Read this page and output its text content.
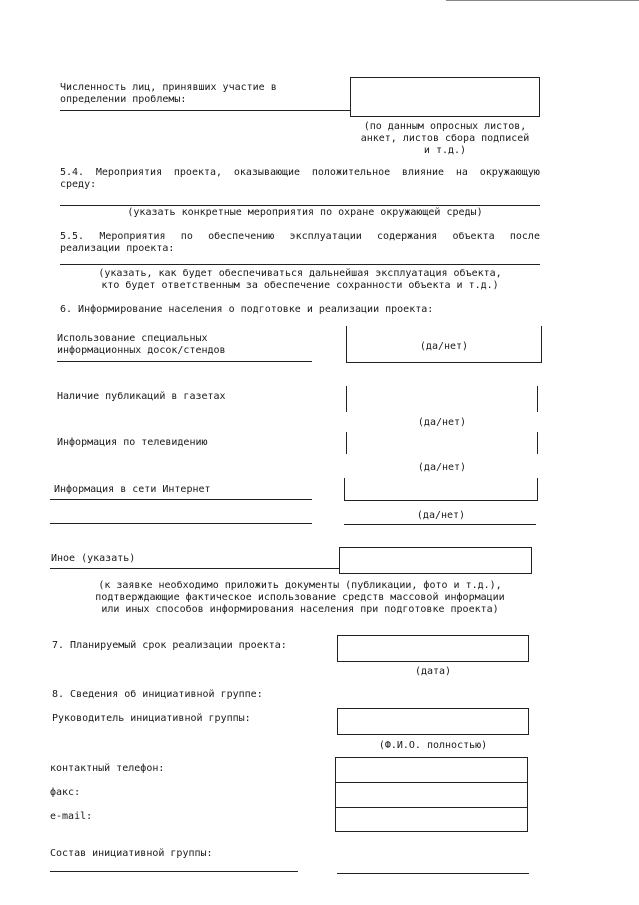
Численность лиц, принявших участие в
определении проблемы:
(по данным опросных листов,
анкет, листов сбора подписей
и т.д.)
5.4. Мероприятия проекта, оказывающие положительное влияние на окружающую
среду:
(указать конкретные мероприятия по охране окружающей среды)
5.5. Мероприятия по обеспечению эксплуатации содержания объекта после
реализации проекта:
(указать, как будет обеспечиваться дальнейшая эксплуатация объекта,
кто будет ответственным за обеспечение сохранности объекта и т.д.)
6. Информирование населения о подготовке и реализации проекта:
Использование специальных
информационных досок/стендов	(да/нет)
Наличие публикаций в газетах
(да/нет)
Информация по телевидению
(да/нет)
Информация в сети Интернет
(да/нет)
Иное (указать)
(к заявке необходимо приложить документы (публикации, фото и т.д.),
подтверждающие фактическое использование средств массовой информации
или иных способов информирования населения при подготовке проекта)
7. Планируемый срок реализации проекта:
(дата)
8. Сведения об инициативной группе:
Руководитель инициативной группы:
(Ф.И.О. полностью)
контактный телефон:
факс:
e-mail:
Состав инициативной группы:
